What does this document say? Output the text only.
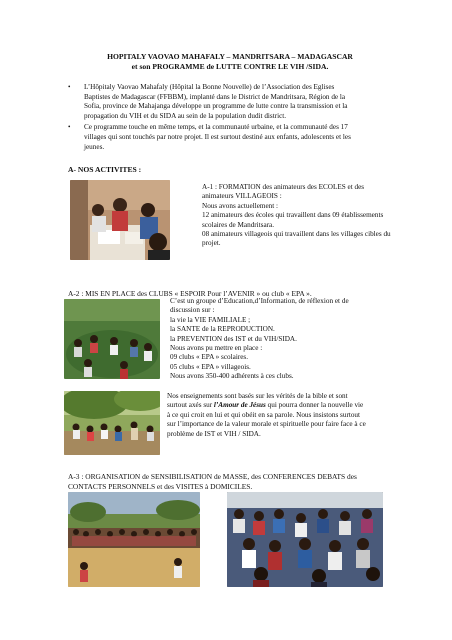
HOPITALY VAOVAO MAHAFALY – MANDRITSARA – MADAGASCAR
et son PROGRAMME de LUTTE CONTRE LE VIH /SIDA.
• L’Hôpitaly Vaovao Mahafaly (Hôpital la Bonne Nouvelle) de l’Association des Eglises
Baptistes de Madagascar (FFBBM), implanté dans le District de Mandritsara, Région de la
Sofia, province de Mahajanga développe un programme de lutte contre la transmission et la
propagation du VIH et du SIDA au sein de la population dudit district.
• Ce programme touche en même temps, et la communauté urbaine, et la communauté des 17
villages qui sont touchés par notre projet. Il est surtout destiné aux enfants, adolescents et les
jeunes.
A- NOS ACTIVITES :
A-1 : FORMATION des animateurs des ECOLES et des
animateurs VILLAGEOIS :
Nous avons actuellement :
12 animateurs des écoles qui travaillent dans 09 établissements
scolaires de Mandritsara.
08 animateurs villageois qui travaillent dans les villages cibles du
projet.
A-2 : MIS EN PLACE des CLUBS « ESPOIR Pour l’AVENIR » ou club « EPA ».
C’est un groupe d’Education,d’Information, de réflexion et de
discussion sur :
la vie la VIE FAMILIALE ;
la SANTE de la REPRODUCTION.
la PREVENTION des IST et du VIH/SIDA.
Nous avons pu mettre en place :
09 clubs « EPA » scolaires.
05 clubs « EPA » villageois.
Nous avons 350-400 adhérents à ces clubs.
Nos enseignements sont basés sur les vérités de la bible et sont
surtout axés sur l’Amour de Jésus qui pourra donner la nouvelle vie
à ce qui croit en lui et qui obéit en sa parole. Nous insistons surtout
sur l’importance de la valeur morale et spirituelle pour faire face à ce
problème de IST et VIH / SIDA.
A-3 : ORGANISATION de SENSIBILISATION de MASSE, des CONFERENCES DEBATS des
CONTACTS PERSONNELS et des VISITES à DOMICILES.
